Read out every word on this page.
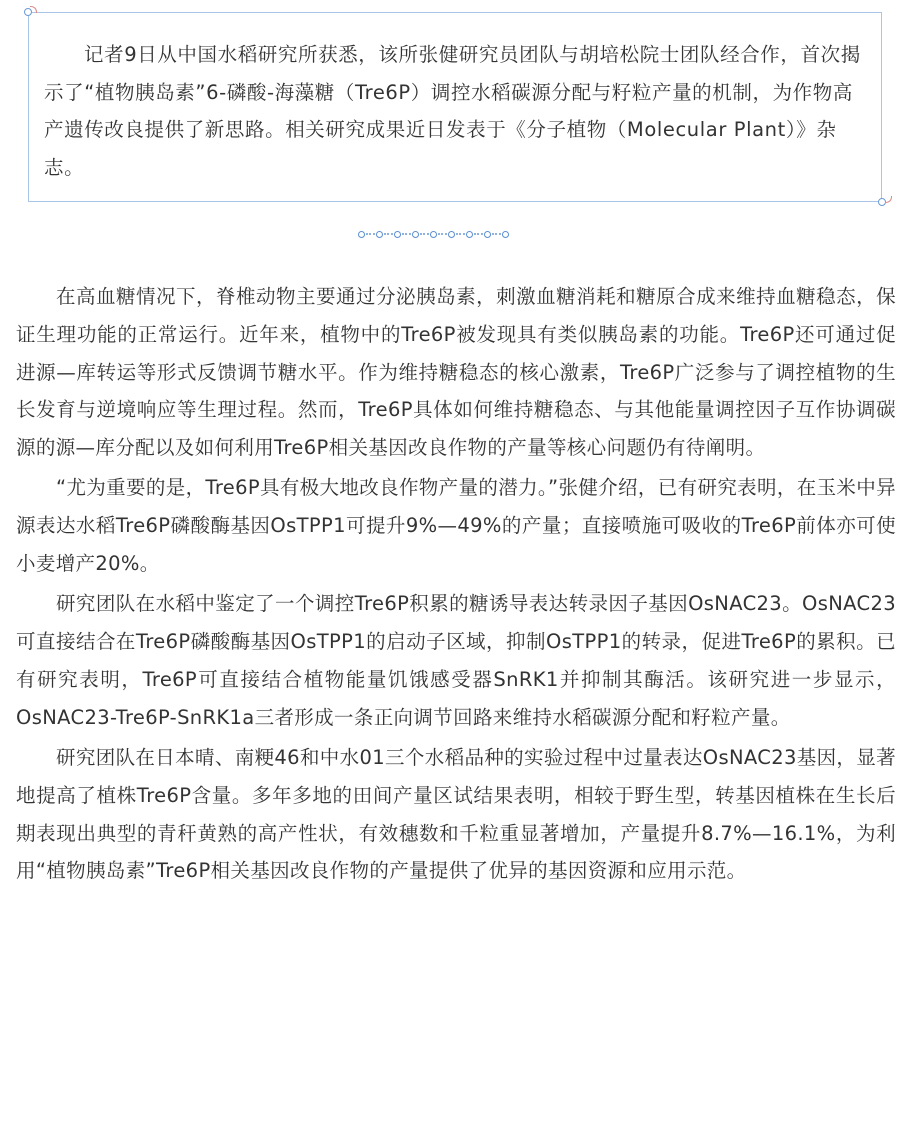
记者9日从中国水稻研究所获悉，该所张健研究员团队与胡培松院士团队经合作，首次揭示了“植物胰岛素”6-磷酸-海藻糖（Tre6P）调控水稻碳源分配与籽粒产量的机制，为作物高产遗传改良提供了新思路。相关研究成果近日发表于《分子植物（Molecular Plant）》杂志。

在高血糖情况下，脊椎动物主要通过分泌胰岛素，刺激血糖消耗和糖原合成来维持血糖稳态，保证生理功能的正常运行。近年来，植物中的Tre6P被发现具有类似胰岛素的功能。Tre6P还可通过促进源—库转运等形式反馈调节糖水平。作为维持糖稳态的核心激素，Tre6P广泛参与了调控植物的生长发育与逆境响应等生理过程。然而，Tre6P具体如何维持糖稳态、与其他能量调控因子互作协调碳源的源—库分配以及如何利用Tre6P相关基因改良作物的产量等核心问题仍有待阐明。

“尤为重要的是，Tre6P具有极大地改良作物产量的潜力。”张健介绍，已有研究表明，在玉米中异源表达水稻Tre6P磷酸酶基因OsTPP1可提升9%—49%的产量；直接喷施可吸收的Tre6P前体亦可使小麦增产20%。

研究团队在水稻中鉴定了一个调控Tre6P积累的糖诱导表达转录因子基因OsNAC23。OsNAC23可直接结合在Tre6P磷酸酶基因OsTPP1的启动子区域，抑制OsTPP1的转录，促进Tre6P的累积。已有研究表明，Tre6P可直接结合植物能量饥饿感受器SnRK1并抑制其酶活。该研究进一步显示，OsNAC23-Tre6P-SnRK1a三者形成一条正向调节回路来维持水稻碳源分配和籽粒产量。

研究团队在日本晴、南粳46和中水01三个水稻品种的实验过程中过量表达OsNAC23基因，显著地提高了植株Tre6P含量。多年多地的田间产量区试结果表明，相较于野生型，转基因植株在生长后期表现出典型的青秆黄熟的高产性状，有效穗数和千粒重显著增加，产量提升8.7%—16.1%，为利用“植物胰岛素”Tre6P相关基因改良作物的产量提供了优异的基因资源和应用示范。
